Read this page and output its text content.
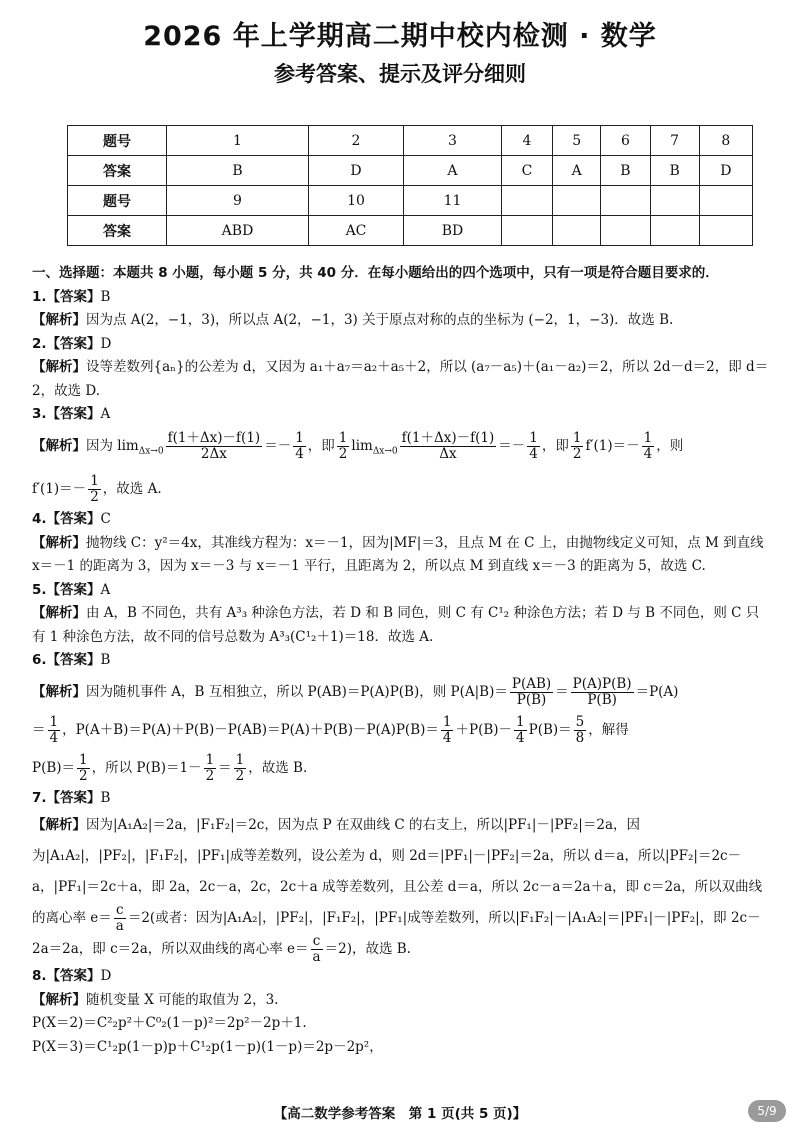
2026 年上学期高二期中校内检测 · 数学
参考答案、提示及评分细则
题号	1	2	3	4	5	6	7	8
答案	B	D	A	C	A	B	B	D
题号	9	10	11					
答案	ABD	AC	BD					

一、选择题：本题共 8 小题，每小题 5 分，共 40 分．在每小题给出的四个选项中，只有一项是符合题目要求的．

1.【答案】B

【解析】因为点 A(2，−1，3)，所以点 A(2，−1，3) 关于原点对称的点的坐标为 (−2，1，−3)．故选 B.

2.【答案】D

【解析】设等差数列{aₙ}的公差为 d，又因为 a₁＋a₇＝a₂＋a₅＋2，所以 (a₇－a₅)＋(a₁－a₂)＝2，所以 2d－d＝2，即 d＝2，故选 D.

3.【答案】A

【解析】因为 $\lim_{\Delta x\to 0} \frac{f(1+\Delta x)-f(1)}{2\Delta x} =- \frac{1}{4}$ ，即 $\frac{1}{2} \lim_{\Delta x\to 0} \frac{f(1+\Delta x)-f(1)}{\Delta x} =- \frac{1}{4}$ ，即 $\frac{1}{2} f'(1)=- \frac{1}{4}$ ，则
$f'(1)=- \frac{1}{2}$ ，故选 A.

4.【答案】C

【解析】抛物线 C：y²＝4x，其准线方程为：x＝－1，因为|MF|＝3，且点 M 在 C 上，由抛物线定义可知，点 M 到直线 x＝－1 的距离为 3，因为 x＝－3 与 x＝－1 平行，且距离为 2，所以点 M 到直线 x＝－3 的距离为 5，故选 C.

5.【答案】A

【解析】由 A，B 不同色，共有 A³₃ 种涂色方法，若 D 和 B 同色，则 C 有 C¹₂ 种涂色方法；若 D 与 B 不同色，则 C 只有 1 种涂色方法，故不同的信号总数为 A³₃(C¹₂＋1)＝18．故选 A.

6.【答案】B

【解析】因为随机事件 A，B 互相独立，所以 P(AB)＝P(A)P(B)，则 $P(A|B)= \frac{P(AB)}{P(B)} = \frac{P(A)P(B)}{P(B)} =P(A)$
＝ $\frac{1}{4}$ ，$P(A+B)=P(A)+P(B)-P(AB)=P(A)+P(B)-P(A)P(B)= \frac{1}{4} +P(B)- \frac{1}{4} P(B)= \frac{5}{8}$ ，解得
$P(B)= \frac{1}{2}$ ，所以 $P(B)=1- \frac{1}{2} = \frac{1}{2}$ ，故选 B.

7.【答案】B

【解析】因为|A₁A₂|＝2a，|F₁F₂|＝2c，因为点 P 在双曲线 C 的右支上，所以|PF₁|－|PF₂|＝2a，因为|A₁A₂|，|PF₂|，|F₁F₂|，|PF₁|成等差数列，设公差为 d，则 2d＝|PF₁|－|PF₂|＝2a，所以 d＝a，所以|PF₂|＝2c－a，|PF₁|＝2c＋a，即 2a，2c－a，2c，2c＋a 成等差数列，且公差 d＝a，所以 2c－a＝2a＋a，即 c＝2a，所以双曲线的离心率 $e= \frac{c}{a} =2$(或者：因为|A₁A₂|，|PF₂|，|F₁F₂|，|PF₁|成等差数列，所以|F₁F₂|－|A₁A₂|＝|PF₁|－|PF₂|，即 2c－2a＝2a，即 c＝2a，所以双曲线的离心率 $e= \frac{c}{a} =2$)，故选 B.

8.【答案】D

【解析】随机变量 X 可能的取值为 2，3.

P(X＝2)＝C²₂p²＋C⁰₂(1－p)²＝2p²－2p＋1.

P(X＝3)＝C¹₂p(1－p)p＋C¹₂p(1－p)(1－p)＝2p－2p²，

【高二数学参考答案　第 1 页(共 5 页)】	5/9
